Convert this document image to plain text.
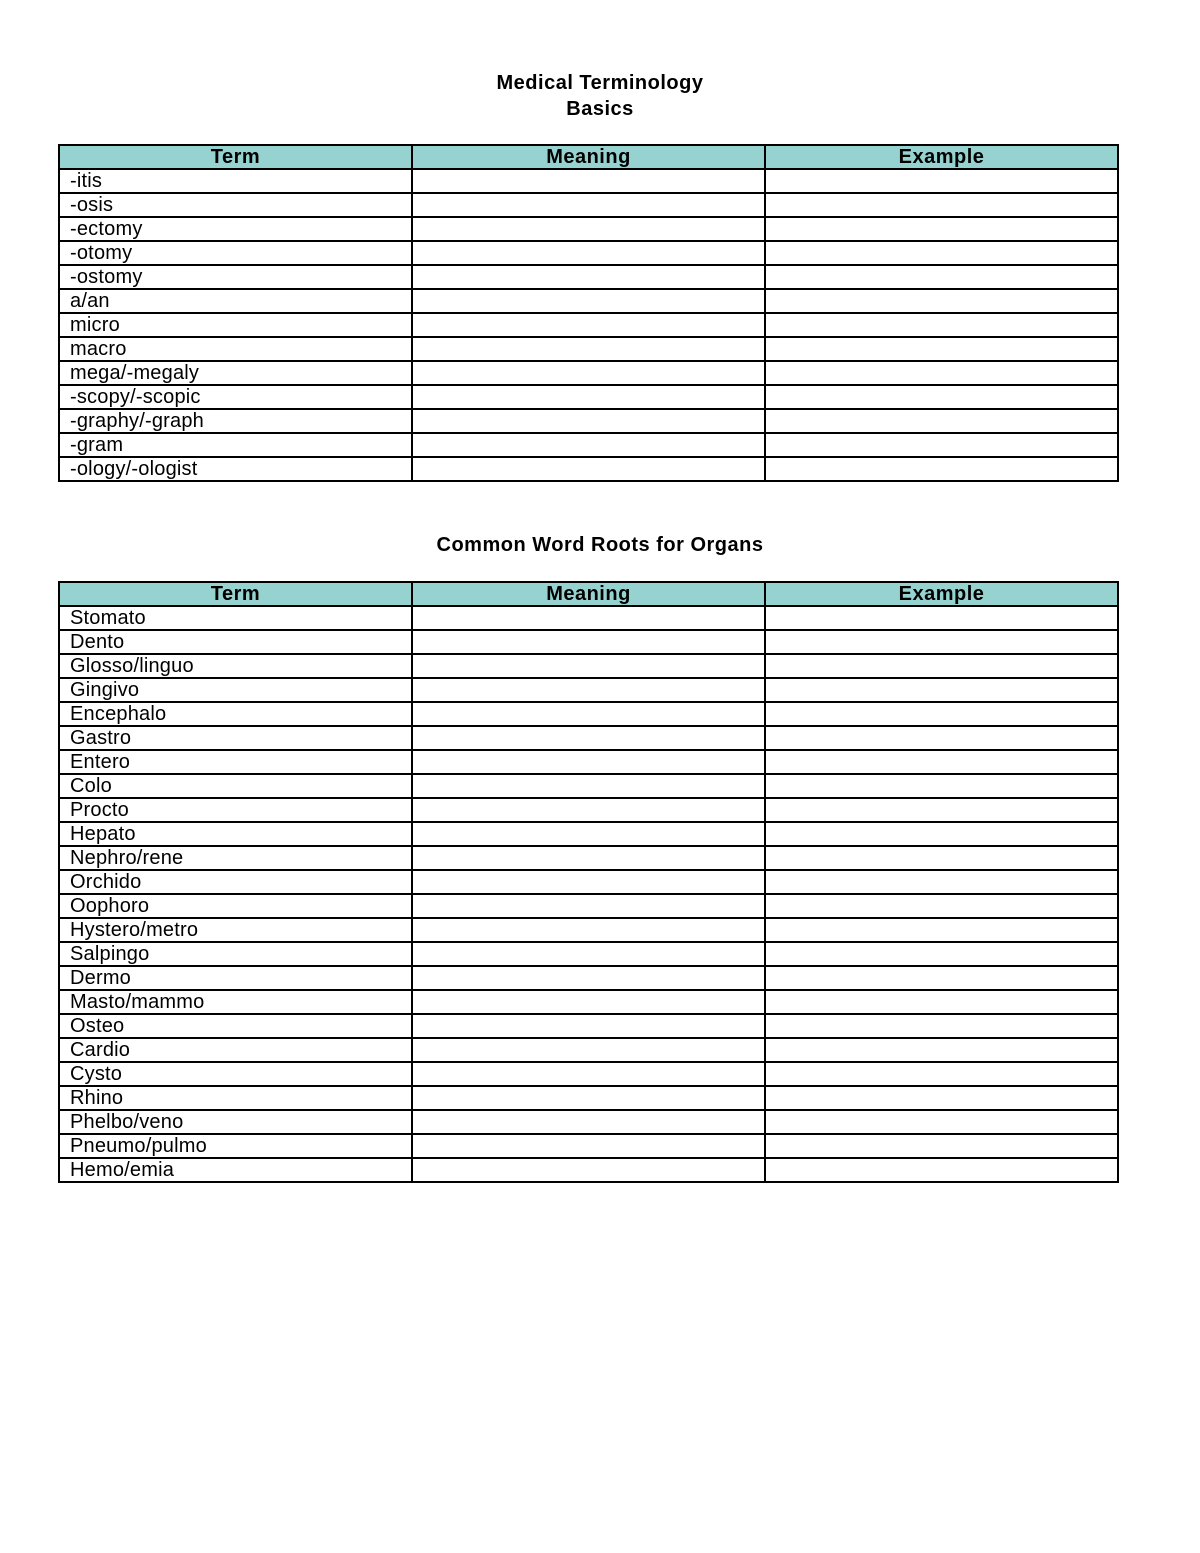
Medical Terminology
Basics
Term	Meaning	Example
-itis		
-osis		
-ectomy		
-otomy		
-ostomy		
a/an		
micro		
macro		
mega/-megaly		
-scopy/-scopic		
-graphy/-graph		
-gram		
-ology/-ologist		
Common Word Roots for Organs
Term	Meaning	Example
Stomato		
Dento		
Glosso/linguo		
Gingivo		
Encephalo		
Gastro		
Entero		
Colo		
Procto		
Hepato		
Nephro/rene		
Orchido		
Oophoro		
Hystero/metro		
Salpingo		
Dermo		
Masto/mammo		
Osteo		
Cardio		
Cysto		
Rhino		
Phelbo/veno		
Pneumo/pulmo		
Hemo/emia		
